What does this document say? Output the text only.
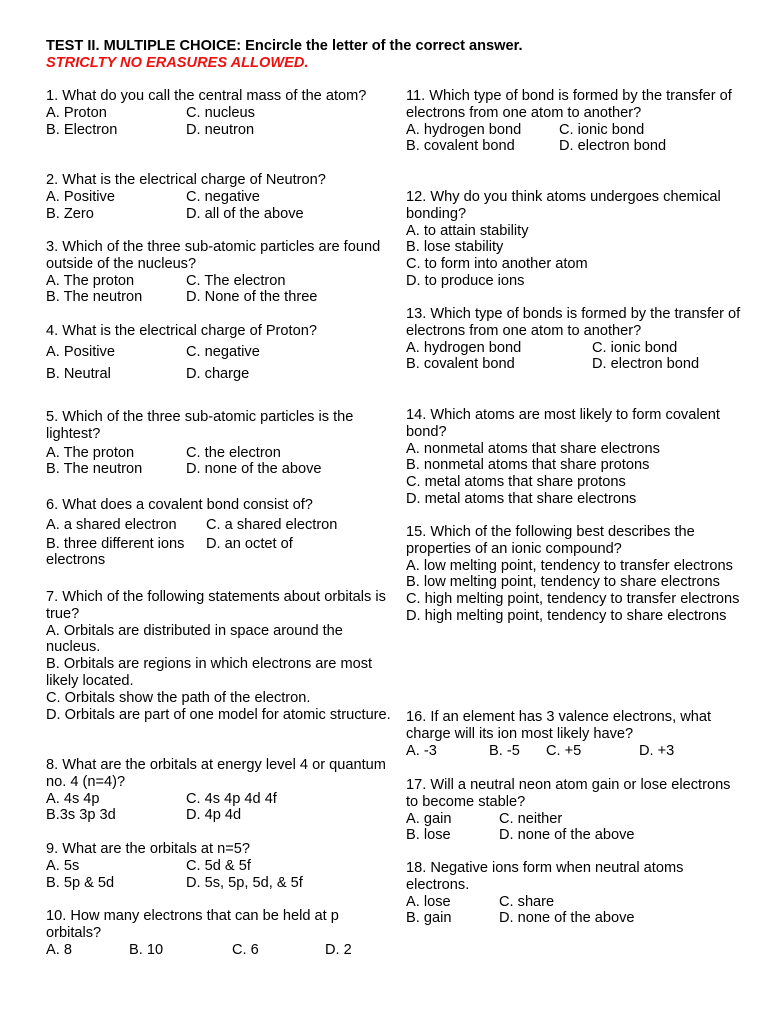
TEST II. MULTIPLE CHOICE: Encircle the letter of the correct answer.
STRICLTY NO ERASURES ALLOWED.
1. What do you call the central mass of the atom?
A. Proton	C. nucleus
B. Electron	D. neutron
2. What is the electrical charge of Neutron?
A. Positive	C. negative
B. Zero	D. all of the above
3. Which of the three sub-atomic particles are found outside of the nucleus?
A. The proton	C. The electron
B. The neutron	D. None of the three
4. What is the electrical charge of Proton?
A. Positive	C. negative
B. Neutral	D. charge
5. Which of the three sub-atomic particles is the lightest?
A. The proton	C. the electron
B. The neutron	D. none of the above
6. What does a covalent bond consist of?
A. a shared electron C. a shared electron
B. three different ions D. an octet of
electrons
7. Which of the following statements about orbitals is true?
A. Orbitals are distributed in space around the nucleus.
B. Orbitals are regions in which electrons are most likely located.
C. Orbitals show the path of the electron.
D. Orbitals are part of one model for atomic structure.
8. What are the orbitals at energy level 4 or quantum no. 4 (n=4)?
A. 4s 4p	C. 4s 4p 4d 4f
B.3s 3p 3d	D. 4p 4d
9. What are the orbitals at n=5?
A. 5s	C. 5d & 5f
B. 5p & 5d	D. 5s, 5p, 5d, & 5f
10. How many electrons that can be held at p orbitals?
A. 8	B. 10	C. 6	D. 2
11. Which type of bond is formed by the transfer of electrons from one atom to another?
A. hydrogen bond	C. ionic bond
B. covalent bond	D. electron bond
12. Why do you think atoms undergoes chemical bonding?
A. to attain stability
B. lose stability
C. to form into another atom
D. to produce ions
13. Which type of bonds is formed by the transfer of electrons from one atom to another?
A. hydrogen bond	C. ionic bond
B. covalent bond	D. electron bond
14. Which atoms are most likely to form covalent bond?
A. nonmetal atoms that share electrons
B. nonmetal atoms that share protons
C. metal atoms that share protons
D. metal atoms that share electrons
15. Which of the following best describes the properties of an ionic compound?
A. low melting point, tendency to transfer electrons
B. low melting point, tendency to share electrons
C. high melting point, tendency to transfer electrons
D. high melting point, tendency to share electrons
16. If an element has 3 valence electrons, what charge will its ion most likely have?
A. -3	B. -5 C. +5	D. +3
17. Will a neutral neon atom gain or lose electrons to become stable?
A. gain	C. neither
B. lose	D. none of the above
18. Negative ions form when neutral atoms electrons.
A. lose	C. share
B. gain	D. none of the above
